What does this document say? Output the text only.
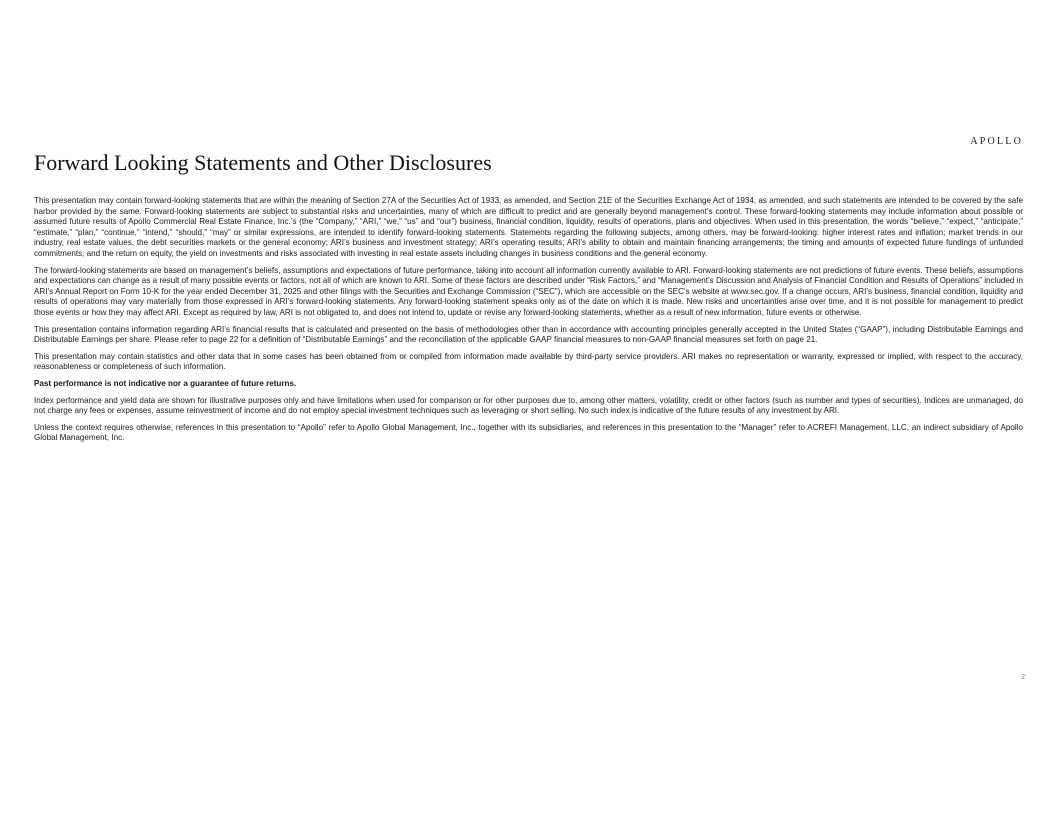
APOLLO
Forward Looking Statements and Other Disclosures

This presentation may contain forward-looking statements that are within the meaning of Section 27A of the Securities Act of 1933, as amended, and Section 21E of the Securities Exchange Act of 1934, as amended, and such statements are intended to be covered by the safe harbor provided by the same. Forward-looking statements are subject to substantial risks and uncertainties, many of which are difficult to predict and are generally beyond management’s control. These forward-looking statements may include information about possible or assumed future results of Apollo Commercial Real Estate Finance, Inc.’s (the “Company,” “ARI,” “we,” “us” and “our”) business, financial condition, liquidity, results of operations, plans and objectives. When used in this presentation, the words “believe,” “expect,” “anticipate,” “estimate,” “plan,” “continue,” “intend,” “should,” “may” or similar expressions, are intended to identify forward-looking statements. Statements regarding the following subjects, among others, may be forward-looking: higher interest rates and inflation; market trends in our industry, real estate values, the debt securities markets or the general economy; ARI’s business and investment strategy; ARI’s operating results; ARI’s ability to obtain and maintain financing arrangements; the timing and amounts of expected future fundings of unfunded commitments; and the return on equity, the yield on investments and risks associated with investing in real estate assets including changes in business conditions and the general economy.

The forward-looking statements are based on management’s beliefs, assumptions and expectations of future performance, taking into account all information currently available to ARI. Forward-looking statements are not predictions of future events. These beliefs, assumptions and expectations can change as a result of many possible events or factors, not all of which are known to ARI. Some of these factors are described under “Risk Factors,” and “Management’s Discussion and Analysis of Financial Condition and Results of Operations” included in ARI’s Annual Report on Form 10-K for the year ended December 31, 2025 and other filings with the Securities and Exchange Commission (“SEC”), which are accessible on the SEC’s website at www.sec.gov. If a change occurs, ARI’s business, financial condition, liquidity and results of operations may vary materially from those expressed in ARI’s forward-looking statements. Any forward-looking statement speaks only as of the date on which it is made. New risks and uncertainties arise over time, and it is not possible for management to predict those events or how they may affect ARI. Except as required by law, ARI is not obligated to, and does not intend to, update or revise any forward-looking statements, whether as a result of new information, future events or otherwise.

This presentation contains information regarding ARI’s financial results that is calculated and presented on the basis of methodologies other than in accordance with accounting principles generally accepted in the United States (“GAAP”), including Distributable Earnings and Distributable Earnings per share. Please refer to page 22 for a definition of “Distributable Earnings” and the reconciliation of the applicable GAAP financial measures to non-GAAP financial measures set forth on page 21.

This presentation may contain statistics and other data that in some cases has been obtained from or compiled from information made available by third-party service providers. ARI makes no representation or warranty, expressed or implied, with respect to the accuracy, reasonableness or completeness of such information.

Past performance is not indicative nor a guarantee of future returns.

Index performance and yield data are shown for illustrative purposes only and have limitations when used for comparison or for other purposes due to, among other matters, volatility, credit or other factors (such as number and types of securities). Indices are unmanaged, do not charge any fees or expenses, assume reinvestment of income and do not employ special investment techniques such as leveraging or short selling. No such index is indicative of the future results of any investment by ARI.

Unless the context requires otherwise, references in this presentation to “Apollo” refer to Apollo Global Management, Inc., together with its subsidiaries, and references in this presentation to the “Manager” refer to ACREFI Management, LLC, an indirect subsidiary of Apollo Global Management, Inc.

2
